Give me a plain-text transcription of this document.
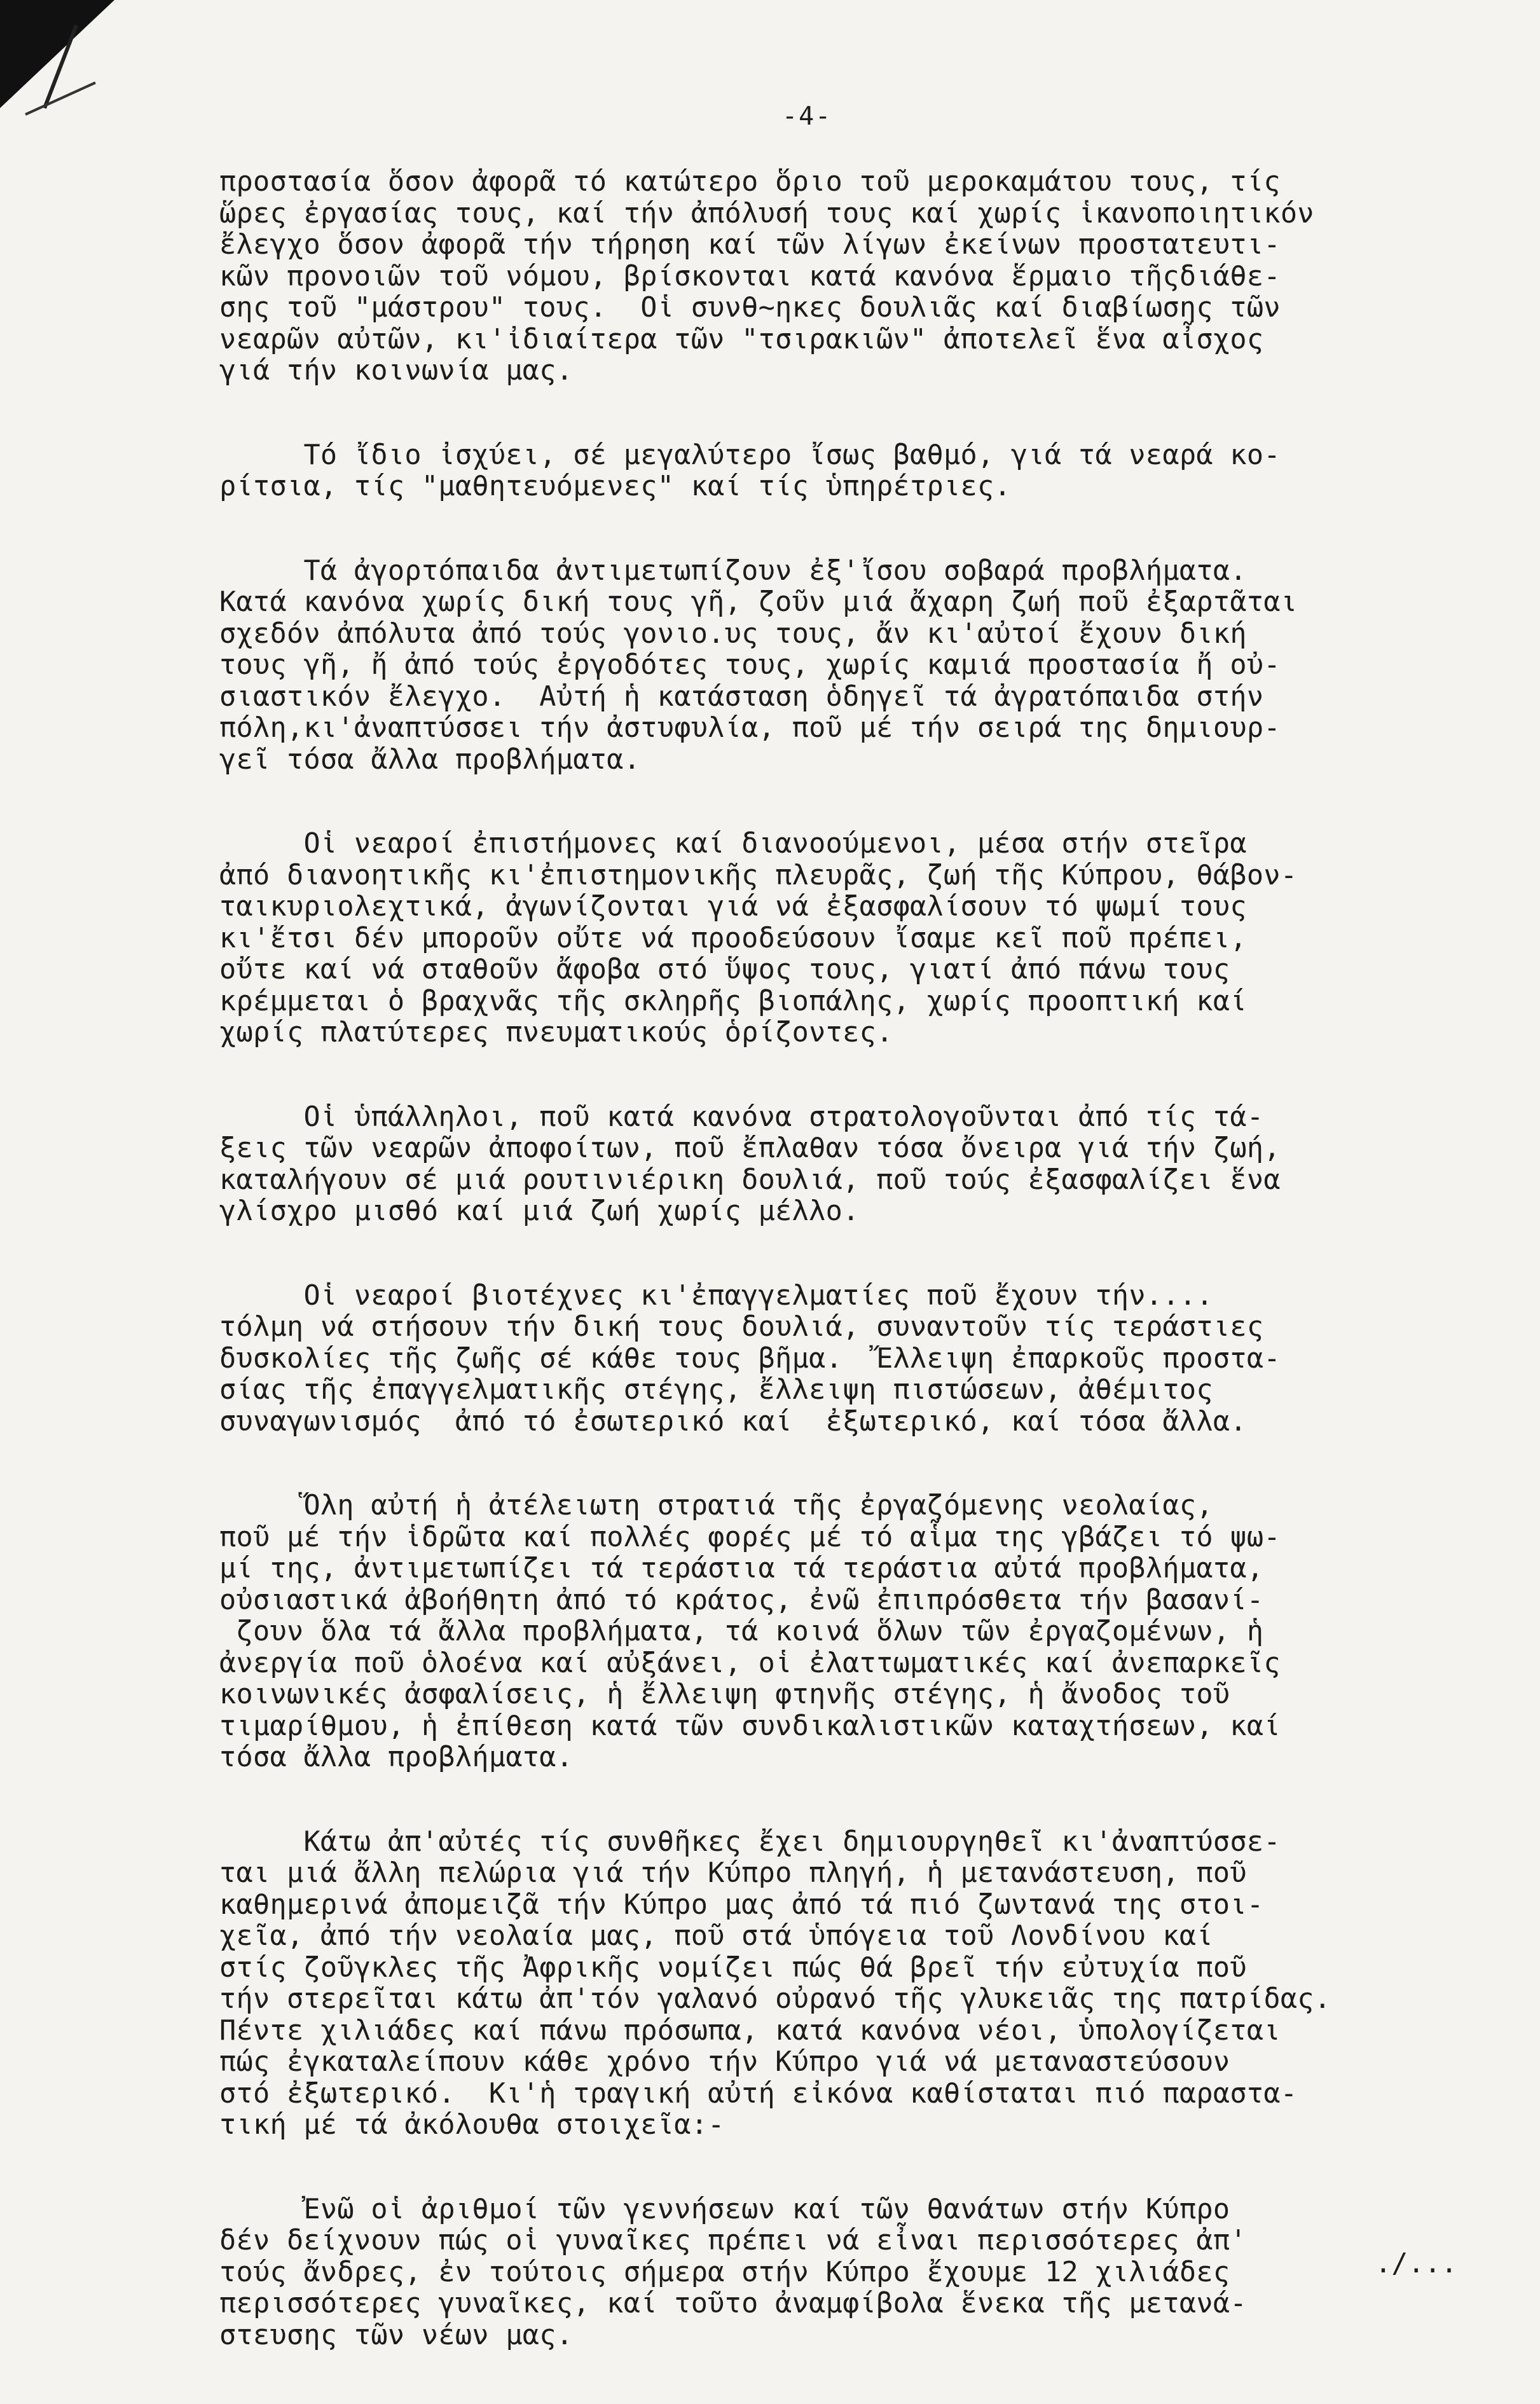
-4-
προστασία ὅσον ἀφορᾶ τό κατώτερο ὅριο τοῦ μεροκαμάτου τους, τίς
ὥρες ἐργασίας τους, καί τήν ἀπόλυσή τους καί χωρίς ἱκανοποιητικόν
ἔλεγχο ὅσον ἀφορᾶ τήν τήρηση καί τῶν λίγων ἐκείνων προστατευτι-
κῶν προνοιῶν τοῦ νόμου, βρίσκονται κατά κανόνα ἕρμαιο τῆςδιάθε-
σης τοῦ "μάστρου" τους.  Οἱ συνθ~ηκες δουλιᾶς καί διαβίωσης τῶν
νεαρῶν αὐτῶν, κι'ἰδιαίτερα τῶν "τσιρακιῶν" ἀποτελεῖ ἕνα αἶσχος
γιά τήν κοινωνία μας.
Τό ἴδιο ἰσχύει, σέ μεγαλύτερο ἴσως βαθμό, γιά τά νεαρά κο-
ρίτσια, τίς "μαθητευόμενες" καί τίς ὑπηρέτριες.
Τά ἀγορτόπαιδα ἀντιμετωπίζουν ἐξ'ἴσου σοβαρά προβλήματα.
Κατά κανόνα χωρίς δική τους γῆ, ζοῦν μιά ἄχαρη ζωή ποῦ ἐξαρτᾶται
σχεδόν ἀπόλυτα ἀπό τούς γονιο.υς τους, ἄν κι'αὐτοί ἔχουν δική
τους γῆ, ἤ ἀπό τούς ἐργοδότες τους, χωρίς καμιά προστασία ἤ οὐ-
σιαστικόν ἔλεγχο.  Αὐτή ἡ κατάσταση ὁδηγεῖ τά ἀγρατόπαιδα στήν
πόλη,κι'ἀναπτύσσει τήν ἀστυφυλία, ποῦ μέ τήν σειρά της δημιουρ-
γεῖ τόσα ἄλλα προβλήματα.
Οἱ νεαροί ἐπιστήμονες καί διανοούμενοι, μέσα στήν στεῖρα
ἀπό διανοητικῆς κι'ἐπιστημονικῆς πλευρᾶς, ζωή τῆς Κύπρου, θάβον-
ταικυριολεχτικά, ἀγωνίζονται γιά νά ἐξασφαλίσουν τό ψωμί τους
κι'ἔτσι δέν μποροῦν οὔτε νά προοδεύσουν ἴσαμε κεῖ ποῦ πρέπει,
οὔτε καί νά σταθοῦν ἄφοβα στό ὕψος τους, γιατί ἀπό πάνω τους
κρέμμεται ὁ βραχνᾶς τῆς σκληρῆς βιοπάλης, χωρίς προοπτική καί
χωρίς πλατύτερες πνευματικούς ὁρίζοντες.
Οἱ ὑπάλληλοι, ποῦ κατά κανόνα στρατολογοῦνται ἀπό τίς τά-
ξεις τῶν νεαρῶν ἀποφοίτων, ποῦ ἔπλαθαν τόσα ὄνειρα γιά τήν ζωή,
καταλήγουν σέ μιά ρουτινιέρικη δουλιά, ποῦ τούς ἐξασφαλίζει ἕνα
γλίσχρο μισθό καί μιά ζωή χωρίς μέλλο.
Οἱ νεαροί βιοτέχνες κι'ἐπαγγελματίες ποῦ ἔχουν τήν....
τόλμη νά στήσουν τήν δική τους δουλιά, συναντοῦν τίς τεράστιες
δυσκολίες τῆς ζωῆς σέ κάθε τους βῆμα.  Ἔλλειψη ἐπαρκοῦς προστα-
σίας τῆς ἐπαγγελματικῆς στέγης, ἔλλειψη πιστώσεων, ἀθέμιτος
συναγωνισμός  ἀπό τό ἐσωτερικό καί  ἐξωτερικό, καί τόσα ἄλλα.
Ὅλη αὐτή ἡ ἀτέλειωτη στρατιά τῆς ἐργαζόμενης νεολαίας,
ποῦ μέ τήν ἱδρῶτα καί πολλές φορές μέ τό αἷμα της γβάζει τό ψω-
μί της, ἀντιμετωπίζει τά τεράστια τά τεράστια αὐτά προβλήματα,
οὐσιαστικά ἀβοήθητη ἀπό τό κράτος, ἐνῶ ἐπιπρόσθετα τήν βασανί-
ζουν ὅλα τά ἄλλα προβλήματα, τά κοινά ὅλων τῶν ἐργαζομένων, ἡ
ἀνεργία ποῦ ὁλοένα καί αὐξάνει, οἱ ἐλαττωματικές καί ἀνεπαρκεῖς
κοινωνικές ἀσφαλίσεις, ἡ ἔλλειψη φτηνῆς στέγης, ἡ ἄνοδος τοῦ
τιμαρίθμου, ἡ ἐπίθεση κατά τῶν συνδικαλιστικῶν καταχτήσεων, καί
τόσα ἄλλα προβλήματα.
Κάτω ἀπ'αὐτές τίς συνθῆκες ἔχει δημιουργηθεῖ κι'ἀναπτύσσε-
ται μιά ἄλλη πελώρια γιά τήν Κύπρο πληγή, ἡ μετανάστευση, ποῦ
καθημερινά ἀπομειζᾶ τήν Κύπρο μας ἀπό τά πιό ζωντανά της στοι-
χεῖα, ἀπό τήν νεολαία μας, ποῦ στά ὑπόγεια τοῦ Λονδίνου καί
στίς ζοῦγκλες τῆς Ἀφρικῆς νομίζει πώς θά βρεῖ τήν εὐτυχία ποῦ
τήν στερεῖται κάτω ἀπ'τόν γαλανό οὐρανό τῆς γλυκειᾶς της πατρίδας.
Πέντε χιλιάδες καί πάνω πρόσωπα, κατά κανόνα νέοι, ὑπολογίζεται
πώς ἐγκαταλείπουν κάθε χρόνο τήν Κύπρο γιά νά μεταναστεύσουν
στό ἐξωτερικό.  Κι'ἡ τραγική αὐτή εἰκόνα καθίσταται πιό παραστα-
τική μέ τά ἀκόλουθα στοιχεῖα:-
Ἐνῶ οἱ ἀριθμοί τῶν γεννήσεων καί τῶν θανάτων στήν Κύπρο
δέν δείχνουν πώς οἱ γυναῖκες πρέπει νά εἶναι περισσότερες ἀπ'
τούς ἄνδρες, ἐν τούτοις σήμερα στήν Κύπρο ἔχουμε 12 χιλιάδες
περισσότερες γυναῖκες, καί τοῦτο ἀναμφίβολα ἕνεκα τῆς μετανά-
στευσης τῶν νέων μας.
./...
